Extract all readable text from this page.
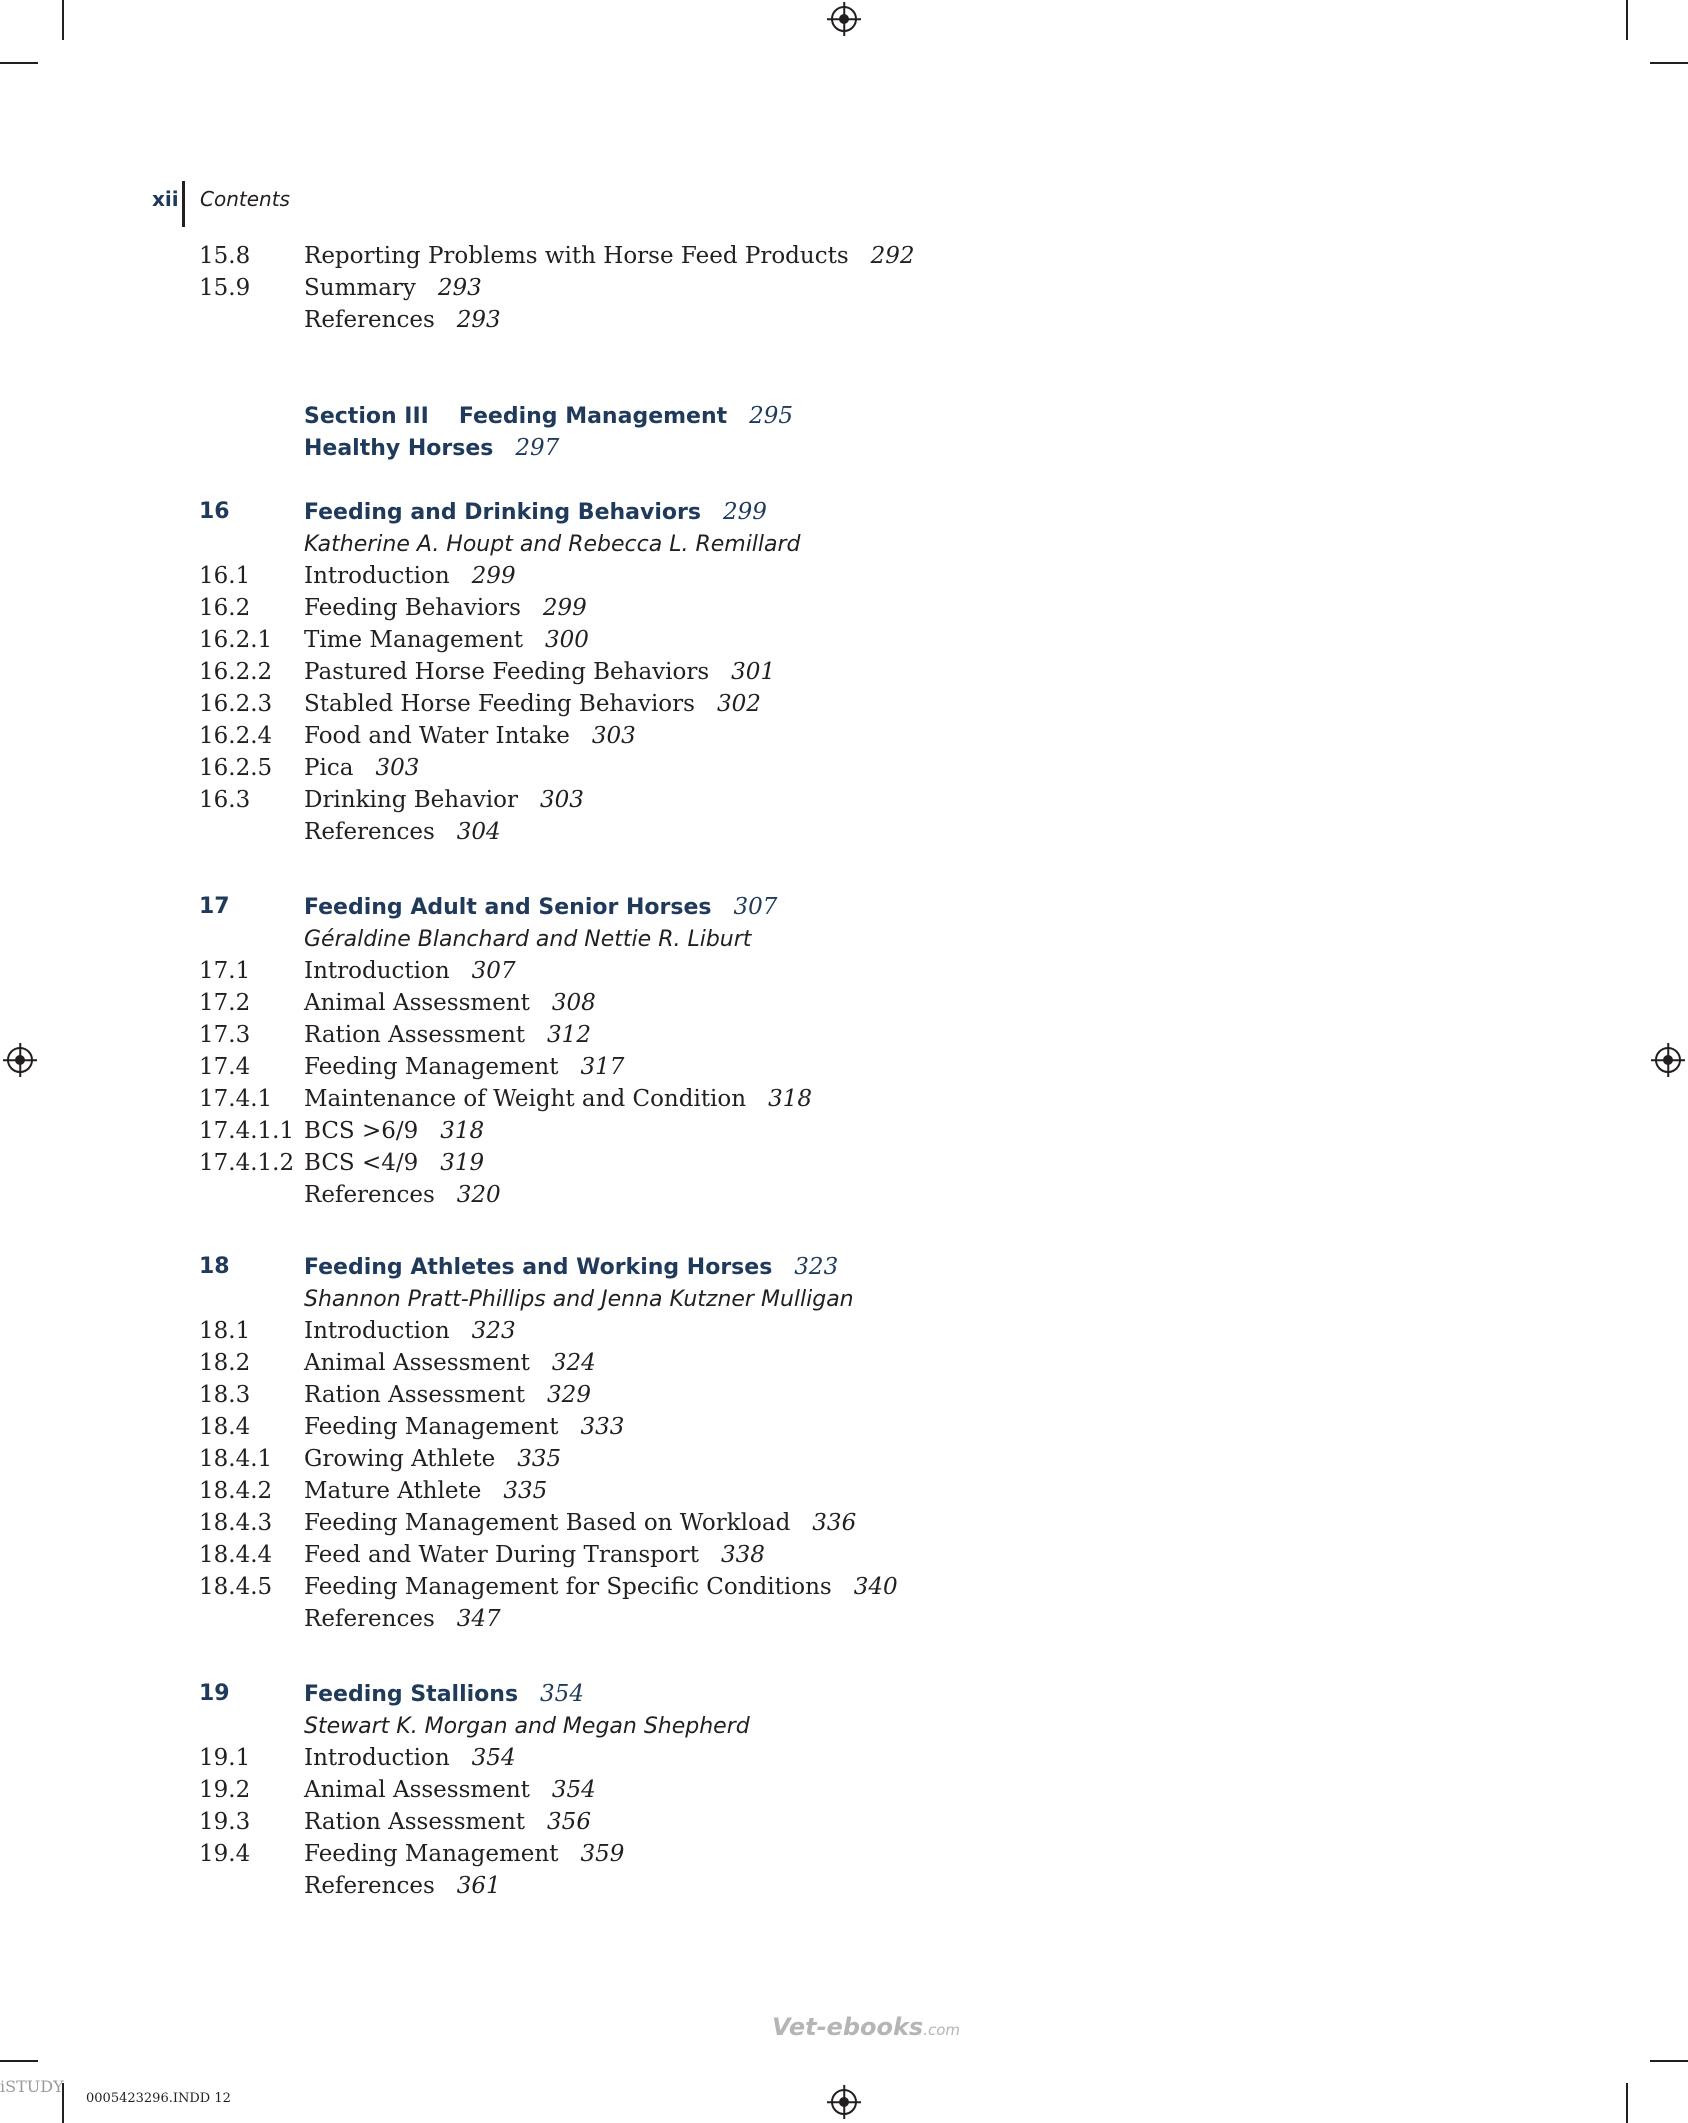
xii Contents
15.8 Reporting Problems with Horse Feed Products 292
15.9 Summary 293
References 293
Section III Feeding Management 295
Healthy Horses 297
16	Feeding and Drinking Behaviors 299
Katherine A. Houpt and Rebecca L. Remillard
16.1 Introduction 299
16.2 Feeding Behaviors 299
16.2.1 Time Management 300
16.2.2 Pastured Horse Feeding Behaviors 301
16.2.3 Stabled Horse Feeding Behaviors 302
16.2.4 Food and Water Intake 303
16.2.5 Pica 303
16.3 Drinking Behavior 303
References 304
17	Feeding Adult and Senior Horses 307
Géraldine Blanchard and Nettie R. Liburt
17.1 Introduction 307
17.2 Animal Assessment 308
17.3 Ration Assessment 312
17.4 Feeding Management 317
17.4.1 Maintenance of Weight and Condition 318
17.4.1.1 BCS >6/9 318
17.4.1.2 BCS <4/9 319
References 320
18	Feeding Athletes and Working Horses 323
Shannon Pratt-Phillips and Jenna Kutzner Mulligan
18.1 Introduction 323
18.2 Animal Assessment 324
18.3 Ration Assessment 329
18.4 Feeding Management 333
18.4.1 Growing Athlete 335
18.4.2 Mature Athlete 335
18.4.3 Feeding Management Based on Workload 336
18.4.4 Feed and Water During Transport 338
18.4.5 Feeding Management for Specific Conditions 340
References 347
19	Feeding Stallions 354
Stewart K. Morgan and Megan Shepherd
19.1 Introduction 354
19.2 Animal Assessment 354
19.3 Ration Assessment 356
19.4 Feeding Management 359
References 361
Vet-ebooks.com
0005423296.INDD 12
iSTUDY
